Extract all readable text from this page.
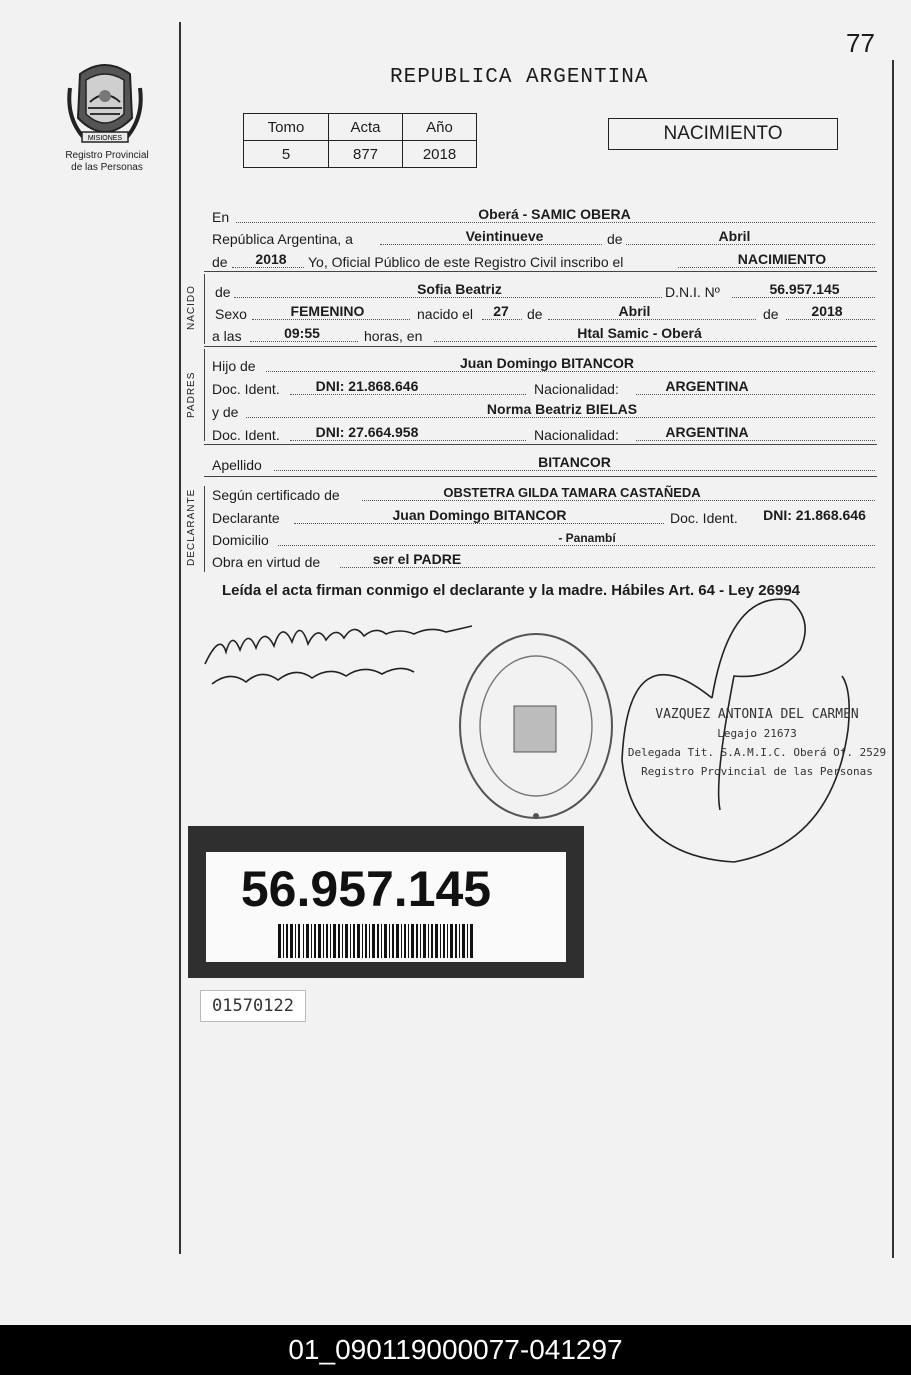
77
REPUBLICA ARGENTINA
MISIONES
Registro Provincial
de las Personas
Tomo	Acta	Año
5	877	2018
NACIMIENTO
En	Oberá - SAMIC OBERA
República Argentina, a	Veintinueve	de	Abril
de	2018	Yo, Oficial Público de este Registro Civil inscribo el	NACIMIENTO
NACIDO de	Sofia Beatriz	D.N.I. Nº	56.957.145
Sexo	FEMENINO	nacido el	27	de	Abril	de	2018
a las	09:55	horas, en	Htal Samic - Oberá
PADRES
Hijo de	Juan Domingo BITANCOR
Doc. Ident.	DNI: 21.868.646	Nacionalidad:	ARGENTINA
y de	Norma Beatriz BIELAS
Doc. Ident.	DNI: 27.664.958	Nacionalidad:	ARGENTINA
Apellido	BITANCOR
DECLARANTE Según certificado de	OBSTETRA GILDA TAMARA CASTAÑEDA
Declarante	Juan Domingo BITANCOR	Doc. Ident.	DNI: 21.868.646
Domicilio	- Panambí
Obra en virtud de	ser el PADRE
Leída el acta firman conmigo el declarante y la madre. Hábiles Art. 64 - Ley 26994
VAZQUEZ ANTONIA DEL CARMEN
Legajo 21673
Delegada Tit. S.A.M.I.C. Oberá Of. 2529
Registro Provincial de las Personas
56.957.145
01570122
01_090119000077-041297
